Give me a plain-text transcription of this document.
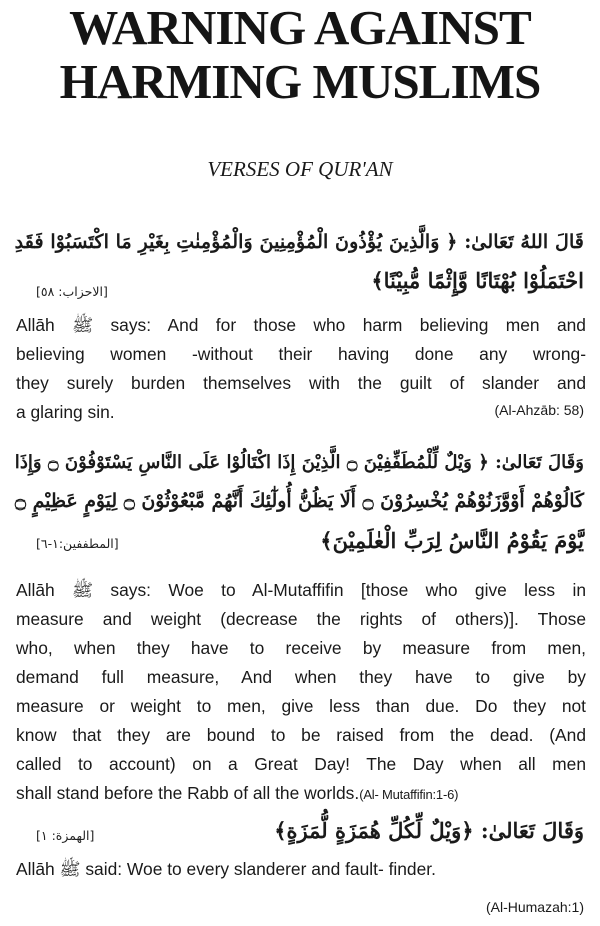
WARNING AGAINST
HARMING MUSLIMS
VERSES OF QUR'AN
قَالَ اللهُ تَعَالىٰ: ﴿ وَالَّذِينَ يُؤْذُونَ الْمُؤْمِنِينَ وَالْمُؤْمِنٰتِ بِغَيْرِ مَا اكْتَسَبُوْا فَقَدِ
احْتَمَلُوْا بُهْتَانًا وَّإِثْمًا مُّبِيْنًا﴾
[الاحزاب: ٥٨]
Allāh ﷺ says: And for those who harm believing men and
believing women -without their having done any wrong-
they surely burden themselves with the guilt of slander and
a glaring sin.	(Al-Ahzāb: 58)
وَقَالَ تَعَالىٰ: ﴿ وَيْلٌ لِّلْمُطَفِّفِيْنَ ۝ الَّذِيْنَ إِذَا اكْتَالُوْا عَلَى النَّاسِ يَسْتَوْفُوْنَ ۝ وَإِذَا
كَالُوْهُمْ أَوْوَّزَنُوْهُمْ يُخْسِرُوْنَ ۝ أَلَا يَظُنُّ أُولٰٓئِكَ أَنَّهُمْ مَّبْعُوْثُوْنَ ۝ لِيَوْمٍ عَظِيْمٍ ۝
يَّوْمَ يَقُوْمُ النَّاسُ لِرَبِّ الْعٰلَمِيْنَ﴾
[المطففين:١-٦]
Allāh ﷺ says: Woe to Al-Mutaffifin [those who give less in
measure and weight (decrease the rights of others)]. Those
who, when they have to receive by measure from men,
demand full measure, And when they have to give by
measure or weight to men, give less than due. Do they not
know that they are bound to be raised from the dead. (And
called to account) on a Great Day! The Day when all men
shall stand before the Rabb of all the worlds.(Al- Mutaffifin:1-6)
وَقَالَ تَعَالىٰ: ﴿وَيْلٌ لِّكُلِّ هُمَزَةٍ لُّمَزَةٍ﴾
[الهمزة: ١]
Allāh ﷺ said: Woe to every slanderer and fault- finder.
(Al-Humazah:1)
